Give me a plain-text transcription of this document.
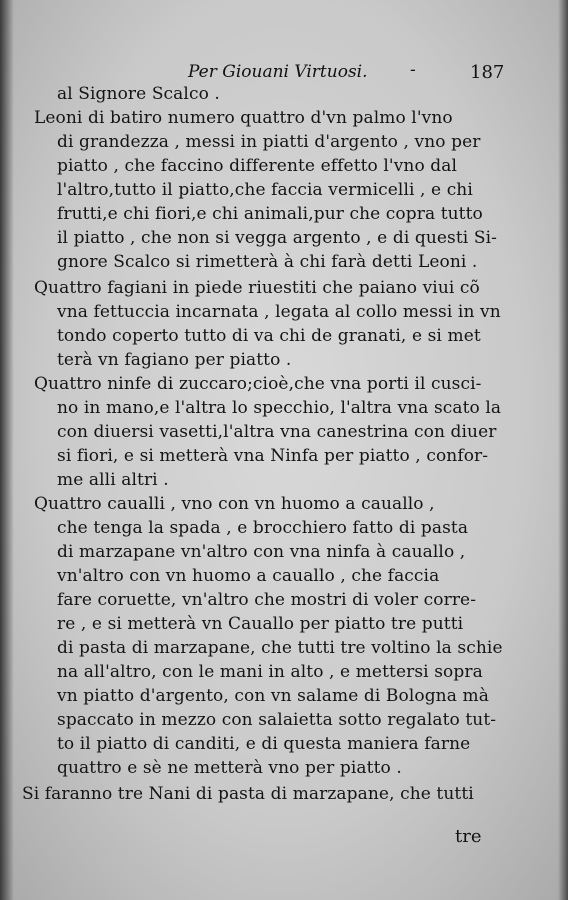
Per Giouani Virtuosi. -	187
al Signore Scalco .
Leoni di batiro numero quattro d'vn palmo l'vno
di grandezza , messi in piatti d'argento , vno per
piatto , che faccino differente effetto l'vno dal
l'altro,tutto il piatto,che faccia vermicelli , e chi
frutti,e chi fiori,e chi animali,pur che copra tutto
il piatto , che non si vegga argento , e di questi Si-
gnore Scalco si rimetterà à chi farà detti Leoni .
Quattro fagiani in piede riuestiti che paiano viui cõ
vna fettuccia incarnata , legata al collo messi in vn
tondo coperto tutto di va chi de granati, e si met
terà vn fagiano per piatto .
Quattro ninfe di zuccaro;cioè,che vna porti il cusci-
no in mano,e l'altra lo specchio, l'altra vna scato la
con diuersi vasetti,l'altra vna canestrina con diuer
si fiori, e si metterà vna Ninfa per piatto , confor-
me alli altri .
Quattro caualli , vno con vn huomo a cauallo ,
che tenga la spada , e brocchiero fatto di pasta
di marzapane vn'altro con vna ninfa à cauallo ,
vn'altro con vn huomo a cauallo , che faccia
fare coruette, vn'altro che mostri di voler corre-
re , e si metterà vn Cauallo per piatto tre putti
di pasta di marzapane, che tutti tre voltino la schie
na all'altro, con le mani in alto , e mettersi sopra
vn piatto d'argento, con vn salame di Bologna mà
spaccato in mezzo con salaietta sotto regalato tut-
to il piatto di canditi, e di questa maniera farne
quattro e sè ne metterà vno per piatto .
Si faranno tre Nani di pasta di marzapane, che tutti
tre
